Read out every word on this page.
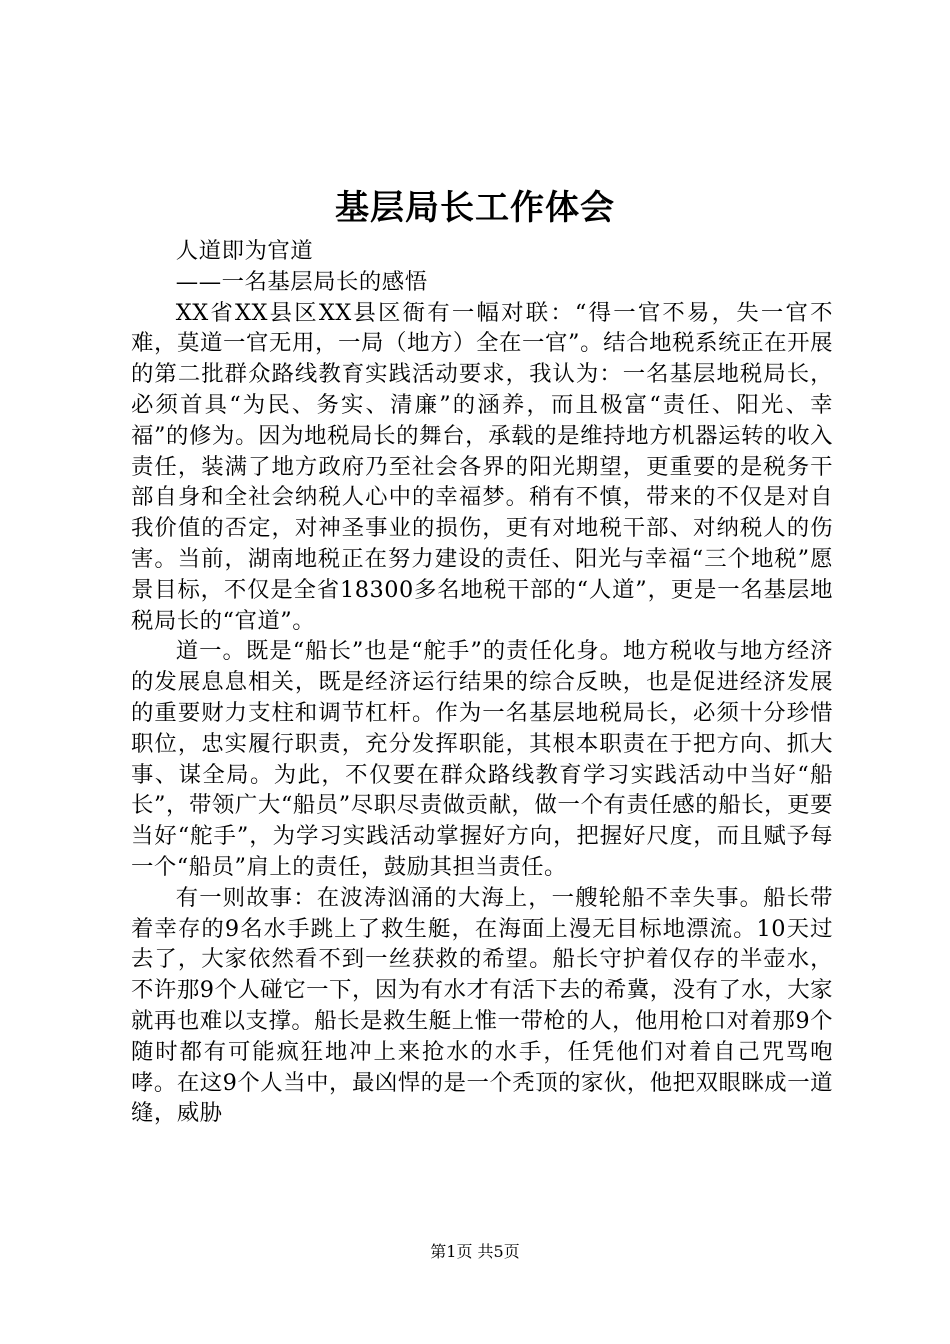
基层局长工作体会

人道即为官道

——一名基层局长的感悟

XX省XX县区XX县区衙有一幅对联：“得一官不易，失一官不难，莫道一官无用，一局（地方）全在一官”。结合地税系统正在开展的第二批群众路线教育实践活动要求，我认为：一名基层地税局长，必须首具“为民、务实、清廉”的涵养，而且极富“责任、阳光、幸福”的修为。因为地税局长的舞台，承载的是维持地方机器运转的收入责任，装满了地方政府乃至社会各界的阳光期望，更重要的是税务干部自身和全社会纳税人心中的幸福梦。稍有不慎，带来的不仅是对自我价值的否定，对神圣事业的损伤，更有对地税干部、对纳税人的伤害。当前，湖南地税正在努力建设的责任、阳光与幸福“三个地税”愿景目标，不仅是全省18300多名地税干部的“人道”，更是一名基层地税局长的“官道”。

道一。既是“船长”也是“舵手”的责任化身。地方税收与地方经济的发展息息相关，既是经济运行结果的综合反映，也是促进经济发展的重要财力支柱和调节杠杆。作为一名基层地税局长，必须十分珍惜职位，忠实履行职责，充分发挥职能，其根本职责在于把方向、抓大事、谋全局。为此，不仅要在群众路线教育学习实践活动中当好“船长”，带领广大“船员”尽职尽责做贡献，做一个有责任感的船长，更要当好“舵手”，为学习实践活动掌握好方向，把握好尺度，而且赋予每一个“船员”肩上的责任，鼓励其担当责任。

有一则故事：在波涛汹涌的大海上，一艘轮船不幸失事。船长带着幸存的9名水手跳上了救生艇，在海面上漫无目标地漂流。10天过去了，大家依然看不到一丝获救的希望。船长守护着仅存的半壶水，不许那9个人碰它一下，因为有水才有活下去的希冀，没有了水，大家就再也难以支撑。船长是救生艇上惟一带枪的人，他用枪口对着那9个随时都有可能疯狂地冲上来抢水的水手，任凭他们对着自己咒骂咆哮。在这9个人当中，最凶悍的是一个秃顶的家伙，他把双眼眯成一道缝，威胁

第1页 共5页
